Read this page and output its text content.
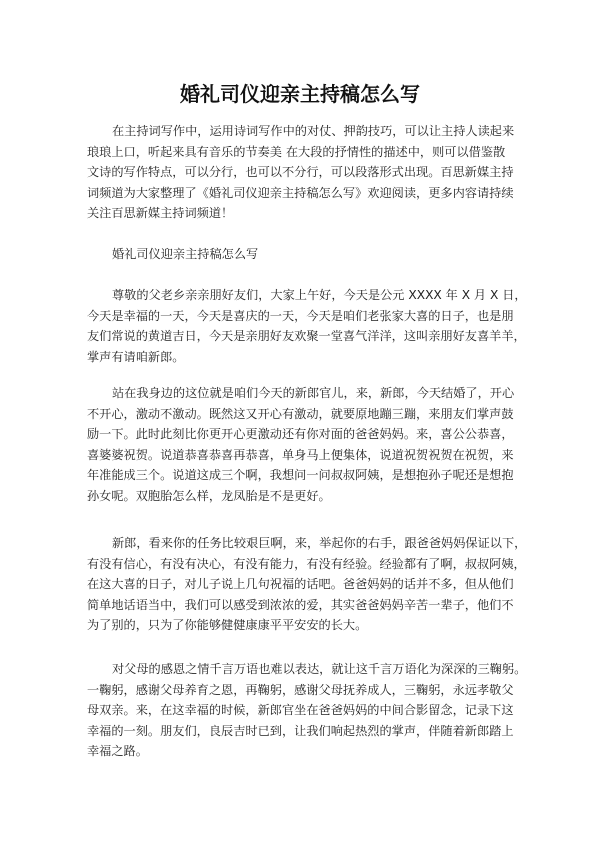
婚礼司仪迎亲主持稿怎么写
在主持词写作中，运用诗词写作中的对仗、押韵技巧，可以让主持人读起来
琅琅上口，听起来具有音乐的节奏美 在大段的抒情性的描述中，则可以借鉴散
文诗的写作特点，可以分行，也可以不分行，可以段落形式出现。百思新媒主持
词频道为大家整理了《婚礼司仪迎亲主持稿怎么写》欢迎阅读，更多内容请持续
关注百思新媒主持词频道！
婚礼司仪迎亲主持稿怎么写
尊敬的父老乡亲亲朋好友们，大家上午好，今天是公元 XXXX 年 X 月 X 日，
今天是幸福的一天，今天是喜庆的一天，今天是咱们老张家大喜的日子，也是朋
友们常说的黄道吉日，今天是亲朋好友欢聚一堂喜气洋洋，这叫亲朋好友喜羊羊，
掌声有请咱新郎。
站在我身边的这位就是咱们今天的新郎官儿，来，新郎，今天结婚了，开心
不开心，激动不激动。既然这又开心有激动，就要原地蹦三蹦，来朋友们掌声鼓
励一下。此时此刻比你更开心更激动还有你对面的爸爸妈妈。来，喜公公恭喜，
喜婆婆祝贺。说道恭喜恭喜再恭喜，单身马上便集体，说道祝贺祝贺在祝贺，来
年准能成三个。说道这成三个啊，我想问一问叔叔阿姨，是想抱孙子呢还是想抱
孙女呢。双胞胎怎么样，龙凤胎是不是更好。
新郎，看来你的任务比较艰巨啊，来，举起你的右手，跟爸爸妈妈保证以下，
有没有信心，有没有决心，有没有能力，有没有经验。经验都有了啊，叔叔阿姨，
在这大喜的日子，对儿子说上几句祝福的话吧。爸爸妈妈的话并不多，但从他们
简单地话语当中，我们可以感受到浓浓的爱，其实爸爸妈妈辛苦一辈子，他们不
为了别的，只为了你能够健健康康平平安安的长大。
对父母的感恩之情千言万语也难以表达，就让这千言万语化为深深的三鞠躬。
一鞠躬，感谢父母养育之恩，再鞠躬，感谢父母抚养成人，三鞠躬，永远孝敬父
母双亲。来，在这幸福的时候，新郎官坐在爸爸妈妈的中间合影留念，记录下这
幸福的一刻。朋友们，良辰吉时已到，让我们响起热烈的掌声，伴随着新郎踏上
幸福之路。
